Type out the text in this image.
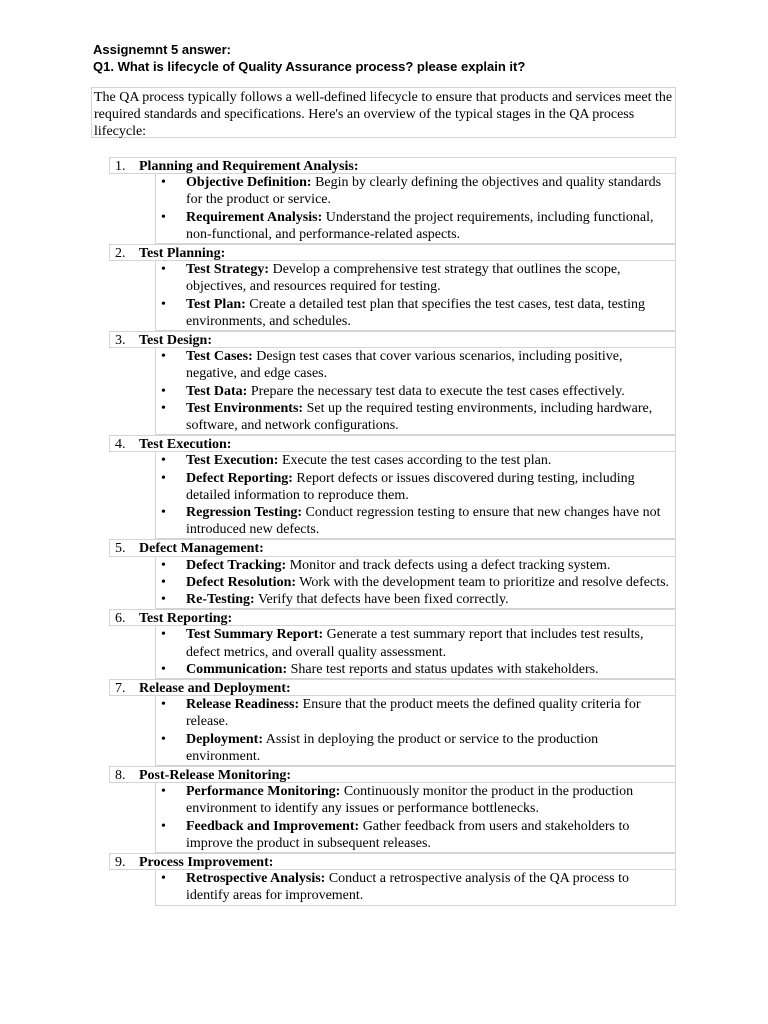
Assignemnt 5 answer:
Q1. What is lifecycle of Quality Assurance process? please explain it?
The QA process typically follows a well-defined lifecycle to ensure that products and services meet the required standards and specifications. Here's an overview of the typical stages in the QA process lifecycle:
1. Planning and Requirement Analysis:
• Objective Definition: Begin by clearly defining the objectives and quality standards for the product or service.
• Requirement Analysis: Understand the project requirements, including functional, non-functional, and performance-related aspects.
2. Test Planning:
• Test Strategy: Develop a comprehensive test strategy that outlines the scope, objectives, and resources required for testing.
• Test Plan: Create a detailed test plan that specifies the test cases, test data, testing environments, and schedules.
3. Test Design:
• Test Cases: Design test cases that cover various scenarios, including positive, negative, and edge cases.
• Test Data: Prepare the necessary test data to execute the test cases effectively.
• Test Environments: Set up the required testing environments, including hardware, software, and network configurations.
4. Test Execution:
• Test Execution: Execute the test cases according to the test plan.
• Defect Reporting: Report defects or issues discovered during testing, including detailed information to reproduce them.
• Regression Testing: Conduct regression testing to ensure that new changes have not introduced new defects.
5. Defect Management:
• Defect Tracking: Monitor and track defects using a defect tracking system.
• Defect Resolution: Work with the development team to prioritize and resolve defects.
• Re-Testing: Verify that defects have been fixed correctly.
6. Test Reporting:
• Test Summary Report: Generate a test summary report that includes test results, defect metrics, and overall quality assessment.
• Communication: Share test reports and status updates with stakeholders.
7. Release and Deployment:
• Release Readiness: Ensure that the product meets the defined quality criteria for release.
• Deployment: Assist in deploying the product or service to the production environment.
8. Post-Release Monitoring:
• Performance Monitoring: Continuously monitor the product in the production environment to identify any issues or performance bottlenecks.
• Feedback and Improvement: Gather feedback from users and stakeholders to improve the product in subsequent releases.
9. Process Improvement:
• Retrospective Analysis: Conduct a retrospective analysis of the QA process to identify areas for improvement.
